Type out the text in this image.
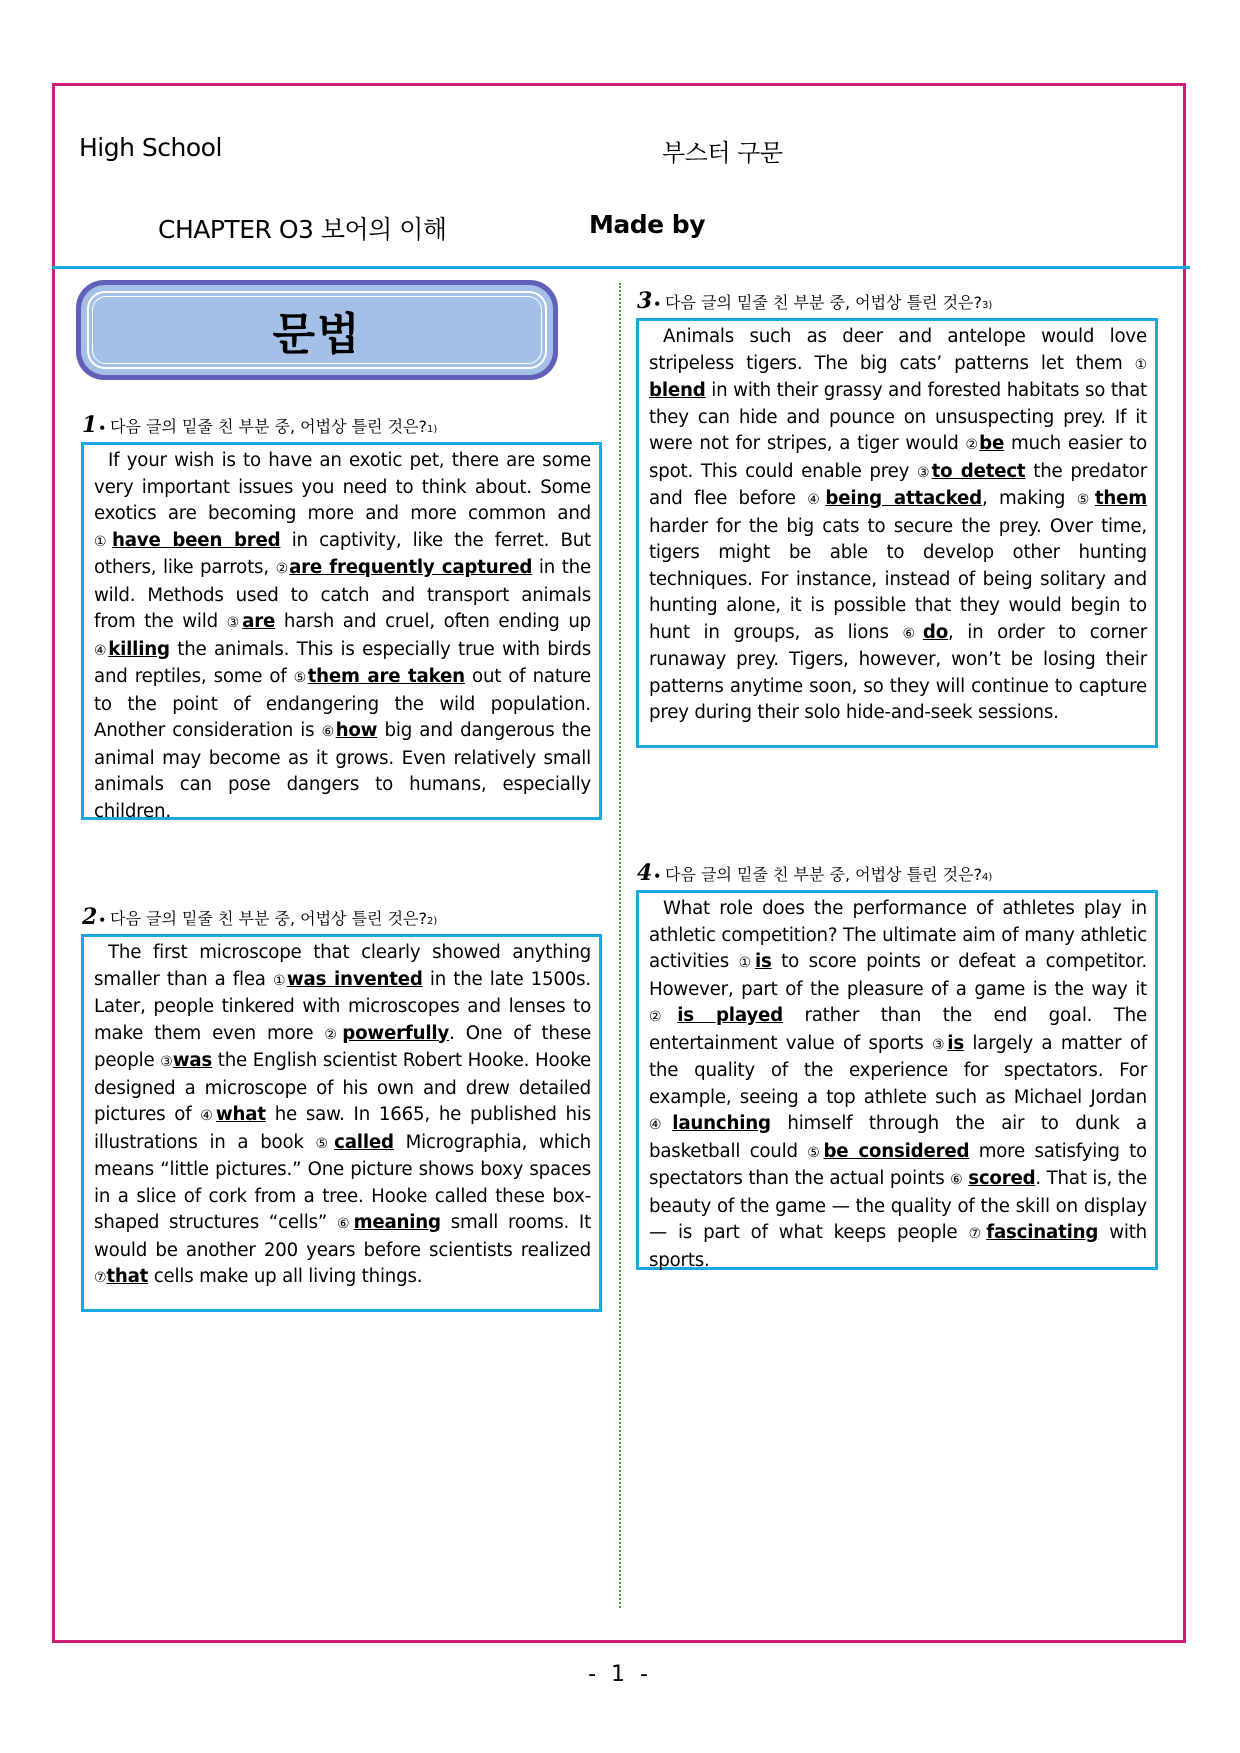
High School	부스터 구문
CHAPTER O3 보어의 이해	Made by
문법
1 • 다음 글의 밑줄 친 부분 중, 어법상 틀린 것은$?_{1)}$

If your wish is to have an exotic pet, there are some very important issues you need to think about. Some exotics are becoming more and more common and ①have been bred in captivity, like the ferret. But others, like parrots, ②are frequently captured in the wild. Methods used to catch and transport animals from the wild ③are harsh and cruel, often ending up ④killing the animals. This is especially true with birds and reptiles, some of ⑤them are taken out of nature to the point of endangering the wild population. Another consideration is ⑥how big and dangerous the animal may become as it grows. Even relatively small animals can pose dangers to humans, especially children.

2 • 다음 글의 밑줄 친 부분 중, 어법상 틀린 것은$?_{2)}$

The first microscope that clearly showed anything smaller than a flea ①was invented in the late 1500s. Later, people tinkered with microscopes and lenses to make them even more ②powerfully. One of these people ③was the English scientist Robert Hooke. Hooke designed a microscope of his own and drew detailed pictures of ④what he saw. In 1665, he published his illustrations in a book ⑤called Micrographia, which means “little pictures.” One picture shows boxy spaces in a slice of cork from a tree. Hooke called these box-shaped structures “cells” ⑥meaning small rooms. It would be another 200 years before scientists realized ⑦that cells make up all living things.

3 • 다음 글의 밑줄 친 부분 중, 어법상 틀린 것은$?_{3)}$

Animals such as deer and antelope would love stripeless tigers. The big cats’ patterns let them ① blend in with their grassy and forested habitats so that they can hide and pounce on unsuspecting prey. If it were not for stripes, a tiger would ②be much easier to spot. This could enable prey ③to detect the predator and flee before ④being attacked, making ⑤them harder for the big cats to secure the prey. Over time, tigers might be able to develop other hunting techniques. For instance, instead of being solitary and hunting alone, it is possible that they would begin to hunt in groups, as lions ⑥do, in order to corner runaway prey. Tigers, however, won’t be losing their patterns anytime soon, so they will continue to capture prey during their solo hide-and-seek sessions.

4 • 다음 글의 밑줄 친 부분 중, 어법상 틀린 것은$?_{4)}$

What role does the performance of athletes play in athletic competition? The ultimate aim of many athletic activities ①is to score points or defeat a competitor. However, part of the pleasure of a game is the way it ②is played rather than the end goal. The entertainment value of sports ③is largely a matter of the quality of the experience for spectators. For example, seeing a top athlete such as Michael Jordan ④launching himself through the air to dunk a basketball could ⑤be considered more satisfying to spectators than the actual points ⑥ scored. That is, the beauty of the game — the quality of the skill on display — is part of what keeps people ⑦fascinating with sports.

- 1 -
